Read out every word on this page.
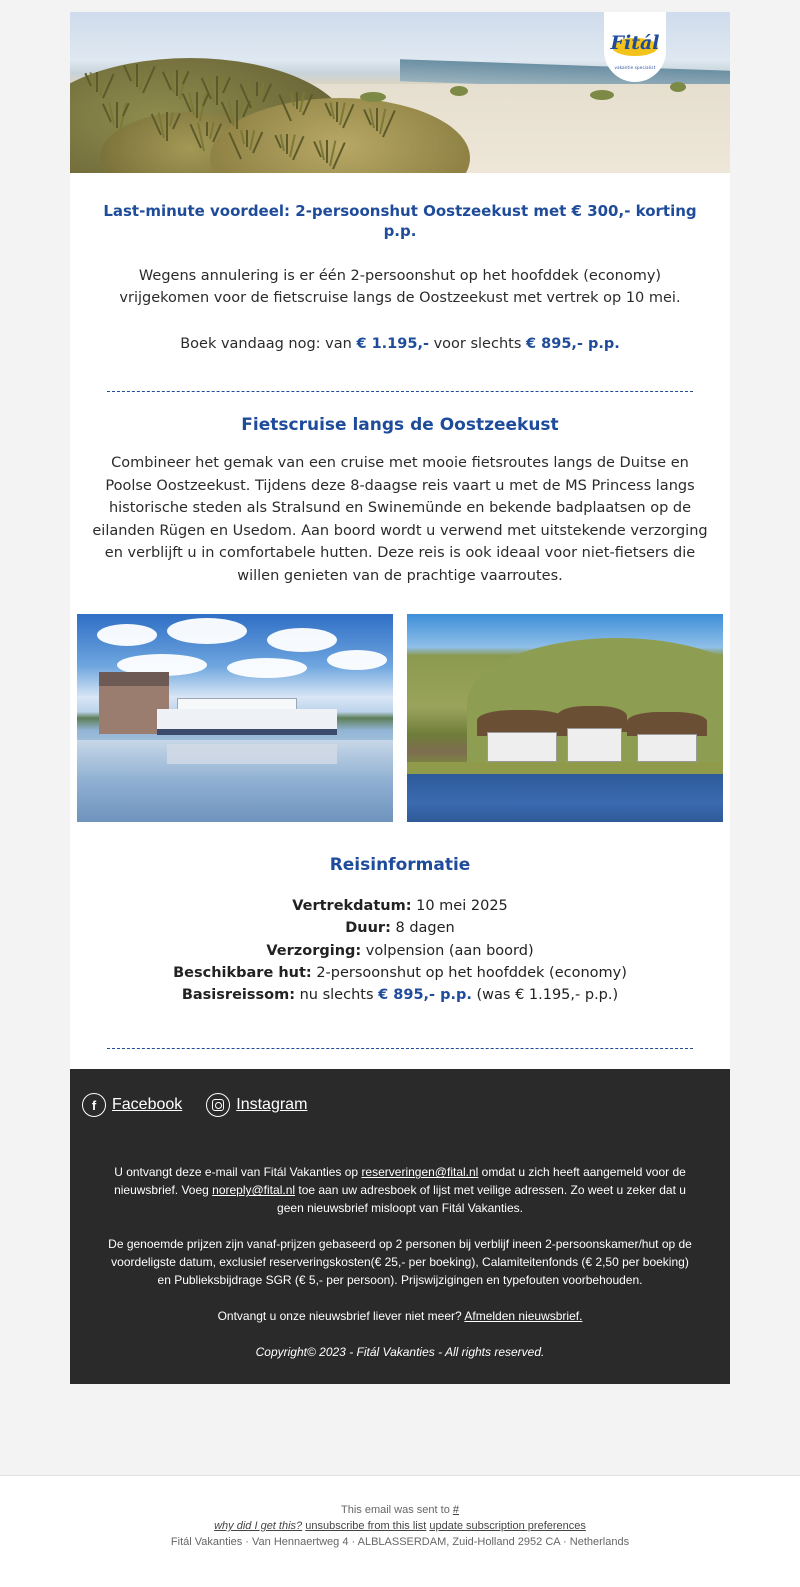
Fitál
vakantie specialist
Last-minute voordeel: 2-persoonshut Oostzeekust met € 300,- korting p.p.

Wegens annulering is er één 2-persoonshut op het hoofddek (economy) vrijgekomen voor de fietscruise langs de Oostzeekust met vertrek op 10 mei.

Boek vandaag nog: van € 1.195,- voor slechts € 895,- p.p.

Fietscruise langs de Oostzeekust

Combineer het gemak van een cruise met mooie fietsroutes langs de Duitse en Poolse Oostzeekust. Tijdens deze 8-daagse reis vaart u met de MS Princess langs historische steden als Stralsund en Swinemünde en bekende badplaatsen op de eilanden Rügen en Usedom. Aan boord wordt u verwend met uitstekende verzorging en verblijft u in comfortabele hutten. Deze reis is ook ideaal voor niet-fietsers die willen genieten van de prachtige vaarroutes.

Reisinformatie
Vertrekdatum: 10 mei 2025
Duur: 8 dagen
Verzorging: volpension (aan boord)
Beschikbare hut: 2-persoonshut op het hoofddek (economy)
Basisreissom: nu slechts € 895,- p.p. (was € 1.195,- p.p.)
f Facebook	Instagram

U ontvangt deze e-mail van Fitál Vakanties op reserveringen@fital.nl omdat u zich heeft aangemeld voor de nieuwsbrief. Voeg noreply@fital.nl toe aan uw adresboek of lijst met veilige adressen. Zo weet u zeker dat u geen nieuwsbrief misloopt van Fitál Vakanties.

De genoemde prijzen zijn vanaf-prijzen gebaseerd op 2 personen bij verblijf ineen 2-persoonskamer/hut op de voordeligste datum, exclusief reserveringskosten(€ 25,- per boeking), Calamiteitenfonds (€ 2,50 per boeking) en Publieksbijdrage SGR (€ 5,- per persoon). Prijswijzigingen en typefouten voorbehouden.

Ontvangt u onze nieuwsbrief liever niet meer? Afmelden nieuwsbrief.

Copyright© 2023 - Fitál Vakanties - All rights reserved.

This email was sent to #
why did I get this? unsubscribe from this list update subscription preferences
Fitál Vakanties · Van Hennaertweg 4 · ALBLASSERDAM, Zuid-Holland 2952 CA · Netherlands
